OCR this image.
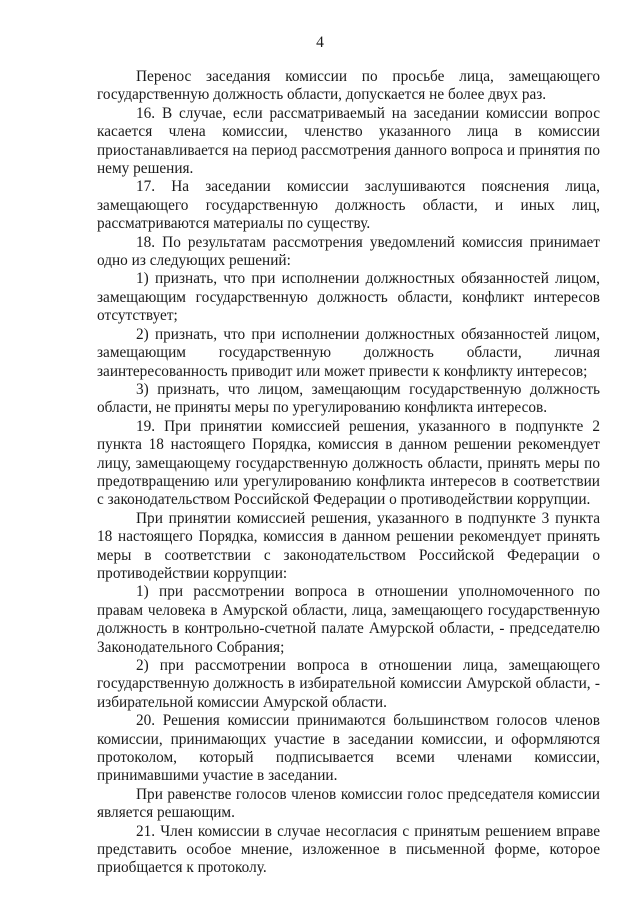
4

Перенос заседания комиссии по просьбе лица, замещающего государственную должность области, допускается не более двух раз.

16. В случае, если рассматриваемый на заседании комиссии вопрос касается члена комиссии, членство указанного лица в комиссии приостанавливается на период рассмотрения данного вопроса и принятия по нему решения.

17. На заседании комиссии заслушиваются пояснения лица, замещающего государственную должность области, и иных лиц, рассматриваются материалы по существу.

18. По результатам рассмотрения уведомлений комиссия принимает одно из следующих решений:

1) признать, что при исполнении должностных обязанностей лицом, замещающим государственную должность области, конфликт интересов отсутствует;

2) признать, что при исполнении должностных обязанностей лицом, замещающим государственную должность области, личная заинтересованность приводит или может привести к конфликту интересов;

3) признать, что лицом, замещающим государственную должность области, не приняты меры по урегулированию конфликта интересов.

19. При принятии комиссией решения, указанного в подпункте 2 пункта 18 настоящего Порядка, комиссия в данном решении рекомендует лицу, замещающему государственную должность области, принять меры по предотвращению или урегулированию конфликта интересов в соответствии с законодательством Российской Федерации о противодействии коррупции.

При принятии комиссией решения, указанного в подпункте 3 пункта 18 настоящего Порядка, комиссия в данном решении рекомендует принять меры в соответствии с законодательством Российской Федерации о противодействии коррупции:

1) при рассмотрении вопроса в отношении уполномоченного по правам человека в Амурской области, лица, замещающего государственную должность в контрольно-счетной палате Амурской области, - председателю Законодательного Собрания;

2) при рассмотрении вопроса в отношении лица, замещающего государственную должность в избирательной комиссии Амурской области, - избирательной комиссии Амурской области.

20. Решения комиссии принимаются большинством голосов членов комиссии, принимающих участие в заседании комиссии, и оформляются протоколом, который подписывается всеми членами комиссии, принимавшими участие в заседании.

При равенстве голосов членов комиссии голос председателя комиссии является решающим.

21. Член комиссии в случае несогласия с принятым решением вправе представить особое мнение, изложенное в письменной форме, которое приобщается к протоколу.
